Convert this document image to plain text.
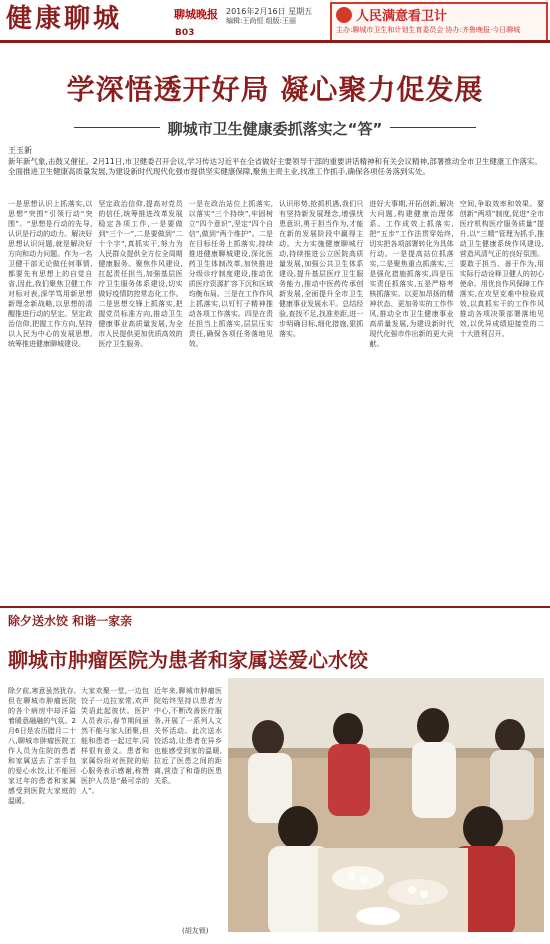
健康聊城	聊城晚报 2016年2月16日 星期五
编辑:王尚恒 组版:王丽
B03
人民满意看卫计
主办:聊城市卫生和计划生育委员会 协办:齐鲁晚报·今日聊城
学深悟透开好局 凝心聚力促发展
聊城市卫生健康委抓落实之“答”
王玉新
新年新气象,击鼓又催征。2月11日,市卫健委召开会议,学习传达习近平在全省做好主要领导干部的重要讲话精神和有关会议精神,部署推动全市卫生健康工作落实。全面推进卫生健康高质量发展,为建设新时代现代化强市提供坚实健康保障,聚焦主责主业,找准工作抓手,确保各项任务落到实处。
一是思想认识上抓落实,以思想“突围”引领行动“突围”。“思想是行动的先导,认识是行动的动力。解决好思想认识问题,就是解决好方向和动力问题。作为一名卫健干部无论做任何事情,都要先有思想上的自觉自省,因此,我们聚焦卫健工作对标对表,深学笃用新思想新理念新战略,以思想的清醒推进行动的坚定。坚定政治信仰,把握工作方向,坚持以人民为中心的发展思想,统筹推进健康聊城建设。
坚定政治信仰,提高对党员的信任,统筹推进改革发展稳定各项工作,一是要做到“三个一”,二是要做到“二十个字”,真抓实干,努力为人民群众提供全方位全周期健康服务。聚焦作风建设,扛起责任担当,加强基层医疗卫生服务体系建设,切实做好疫情防控常态化工作。二是思想交锋上抓落实,把握党员标准方向,推动卫生健康事业高质量发展,为全市人民提供更加优质高效的医疗卫生服务。
一是在政治站位上抓落实,以落实“三个持续”,牢固树立“四个意识”,坚定“四个自信”,做到“两个维护”。二是在目标任务上抓落实,持续推进健康聊城建设,深化医药卫生体制改革,加快推进分级诊疗制度建设,推动优质医疗资源扩容下沉和区域均衡布局。三是在工作作风上抓落实,以钉钉子精神推动各项工作落实。四是在责任担当上抓落实,层层压实责任,确保各项任务落地见效。
认识形势,抢抓机遇,我们只有坚持新发展理念,增强忧患意识,勇于担当作为,才能在新的发展阶段中赢得主动。大力实施健康聊城行动,持续推进公立医院高质量发展,加强公共卫生体系建设,提升基层医疗卫生服务能力,推动中医药传承创新发展,全面提升全市卫生健康事业发展水平。总结经验,查找不足,找准差距,进一步明确目标,细化措施,狠抓落实。
进好大事期,开拓创新,解决大问题,构建健康治理体系。工作成效上抓落实,把“五步”工作法贯穿始终,切实把各项部署转化为具体行动。一是提高站位抓落实,二是聚焦重点抓落实,三是强化措施抓落实,四是压实责任抓落实,五是严格考核抓落实。以更加昂扬的精神状态、更加务实的工作作风,推动全市卫生健康事业高质量发展,为建设新时代现代化强市作出新的更大贡献。
空间,争取效率和效果。要创新“两项”制度,促进“全市医疗机构医疗服务质量”提升,以“三精”管理为抓手,推动卫生健康系统作风建设,营造风清气正的良好氛围。要敢于担当、善于作为,用实际行动诠释卫健人的初心使命。用优良作风保障工作落实,在攻坚克难中检验成效,以真抓实干的工作作风推动各项决策部署落地见效,以优异成绩迎接党的二十大胜利召开。
除夕送水饺 和谐一家亲
聊城市肿瘤医院为患者和家属送爱心水饺
除夕前,寒意虽然犹存,但在聊城市肿瘤医院的各个病房中却洋溢着暖意融融的气氛。2月6日是农历腊月二十八,聊城市肿瘤医院工作人员为住院的患者和家属送去了亲手包的爱心水饺,让不能回家过年的患者和家属感受到医院大家庭的温暖。
大家欢聚一堂,一边包饺子一边拉家常,欢声笑语此起彼伏。医护人员表示,春节期间虽然不能与家人团聚,但能和患者一起过年,同样很有意义。患者和家属纷纷对医院的贴心服务表示感谢,称赞医护人员是“最可亲的人”。
近年来,聊城市肿瘤医院始终坚持以患者为中心,不断改善医疗服务,开展了一系列人文关怀活动。此次送水饺活动,让患者在异乡也能感受到家的温暖,拉近了医患之间的距离,营造了和谐的医患关系。
(胡友锁)
